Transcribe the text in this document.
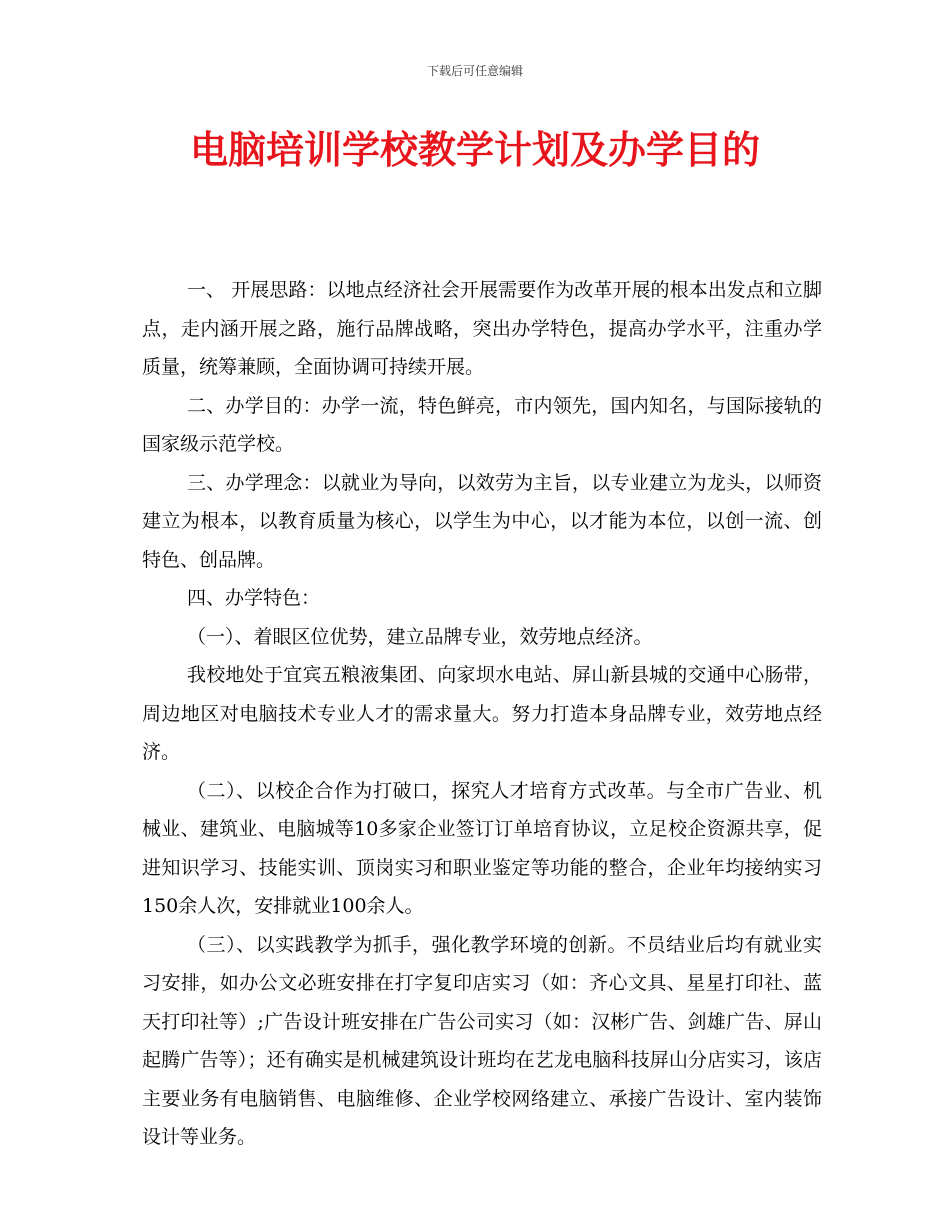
下载后可任意编辑
电脑培训学校教学计划及办学目的

一、 开展思路：以地点经济社会开展需要作为改革开展的根本出发点和立脚点，走内涵开展之路，施行品牌战略，突出办学特色，提高办学水平，注重办学质量，统筹兼顾，全面协调可持续开展。

二、办学目的：办学一流，特色鲜亮，市内领先，国内知名，与国际接轨的国家级示范学校。

三、办学理念：以就业为导向，以效劳为主旨，以专业建立为龙头，以师资建立为根本，以教育质量为核心，以学生为中心，以才能为本位，以创一流、创特色、创品牌。

四、办学特色：

（一）、着眼区位优势，建立品牌专业，效劳地点经济。

我校地处于宜宾五粮液集团、向家坝水电站、屏山新县城的交通中心肠带，周边地区对电脑技术专业人才的需求量大。努力打造本身品牌专业，效劳地点经济。

（二）、以校企合作为打破口，探究人才培育方式改革。与全市广告业、机械业、建筑业、电脑城等10多家企业签订订单培育协议，立足校企资源共享，促进知识学习、技能实训、顶岗实习和职业鉴定等功能的整合，企业年均接纳实习150余人次，安排就业100余人。

（三）、以实践教学为抓手，强化教学环境的创新。不员结业后均有就业实习安排，如办公文必班安排在打字复印店实习（如：齐心文具、星星打印社、蓝天打印社等）;广告设计班安排在广告公司实习（如：汉彬广告、剑雄广告、屏山起腾广告等）；还有确实是机械建筑设计班均在艺龙电脑科技屏山分店实习，该店主要业务有电脑销售、电脑维修、企业学校网络建立、承接广告设计、室内装饰设计等业务。
